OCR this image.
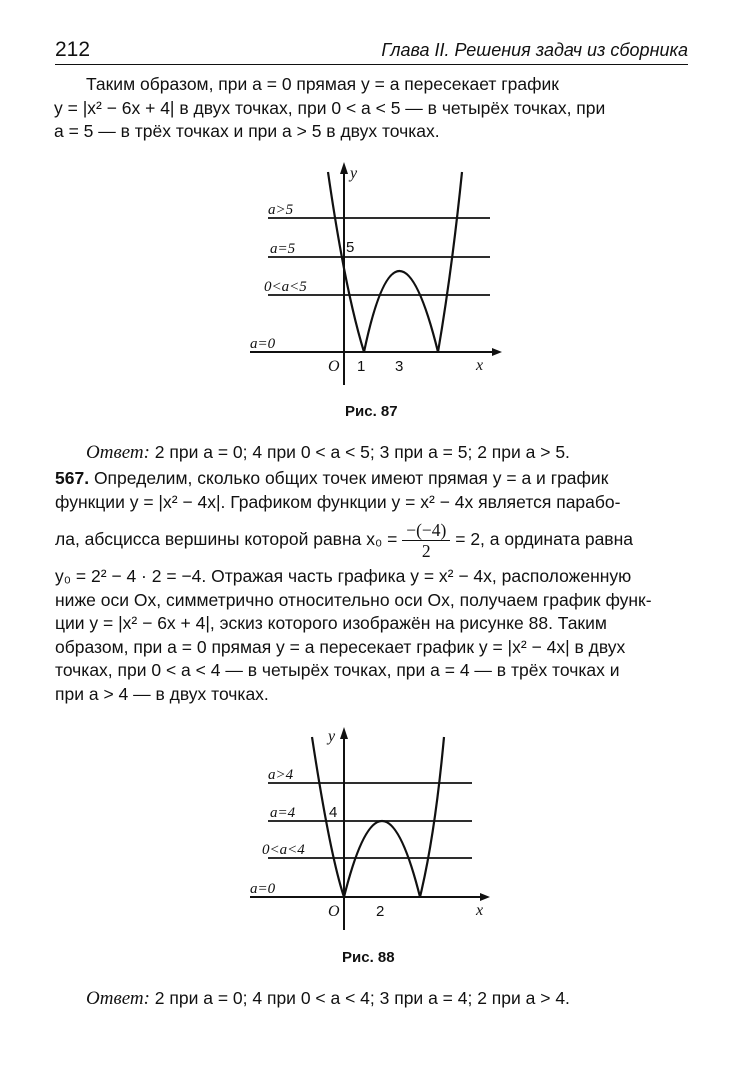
212	Глава II. Решения задач из сборника
Таким образом, при a = 0 прямая y = a пересекает график
y = |x² − 6x + 4| в двух точках, при 0 < a < 5 — в четырёх точках, при
a = 5 — в трёх точках и при a > 5 в двух точках.
y
x
O
a>5
a=5
0<a<5
a=0
5
1 3
Рис. 87
Ответ: 2 при a = 0; 4 при 0 < a < 5; 3 при a = 5; 2 при a > 5.
567. Определим, сколько общих точек имеют прямая y = a и график
функции y = |x² − 4x|. Графиком функции y = x² − 4x является парабо-
ла, абсцисса вершины которой равна $x_0 = \frac{-(-4)}{2} = 2$, а ордината равна
y₀ = 2² − 4 · 2 = −4. Отражая часть графика y = x² − 4x, расположенную
ниже оси Ox, симметрично относительно оси Ox, получаем график функ-
ции y = |x² − 6x + 4|, эскиз которого изображён на рисунке 88. Таким
образом, при a = 0 прямая y = a пересекает график y = |x² − 4x| в двух
точках, при 0 < a < 4 — в четырёх точках, при a = 4 — в трёх точках и
при a > 4 — в двух точках.
y
x
O
a>4
a=4
0<a<4
a=0
4
2
Рис. 88
Ответ: 2 при a = 0; 4 при 0 < a < 4; 3 при a = 4; 2 при a > 4.
